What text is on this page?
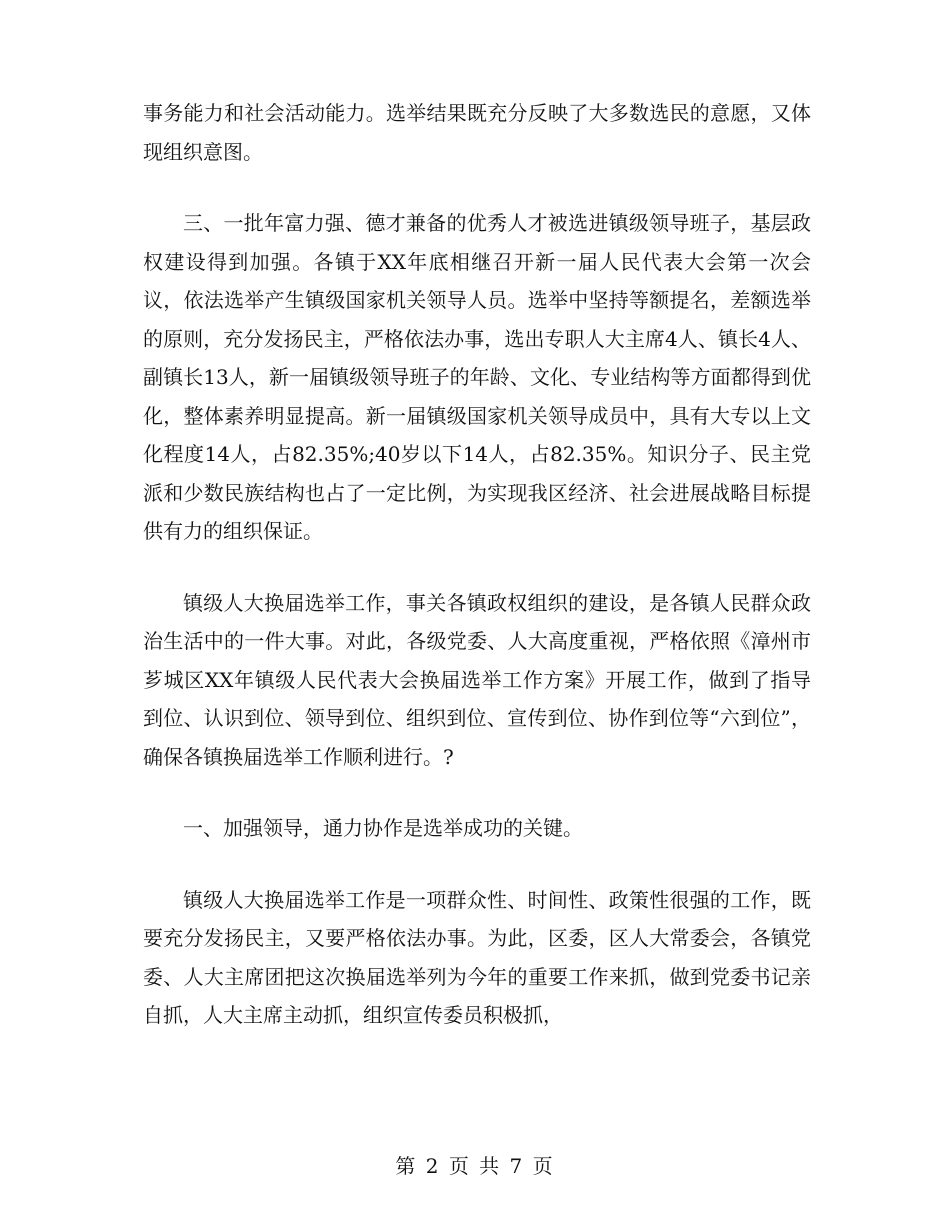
事务能力和社会活动能力。选举结果既充分反映了大多数选民的意愿，又体现组织意图。

三、一批年富力强、德才兼备的优秀人才被选进镇级领导班子，基层政权建设得到加强。各镇于XX年底相继召开新一届人民代表大会第一次会议，依法选举产生镇级国家机关领导人员。选举中坚持等额提名，差额选举的原则，充分发扬民主，严格依法办事，选出专职人大主席4人、镇长4人、副镇长13人，新一届镇级领导班子的年龄、文化、专业结构等方面都得到优化，整体素养明显提高。新一届镇级国家机关领导成员中，具有大专以上文化程度14人，占82.35%;40岁以下14人，占82.35%。知识分子、民主党派和少数民族结构也占了一定比例，为实现我区经济、社会进展战略目标提供有力的组织保证。

镇级人大换届选举工作，事关各镇政权组织的建设，是各镇人民群众政治生活中的一件大事。对此，各级党委、人大高度重视，严格依照《漳州市芗城区XX年镇级人民代表大会换届选举工作方案》开展工作，做到了指导到位、认识到位、领导到位、组织到位、宣传到位、协作到位等“六到位”，确保各镇换届选举工作顺利进行。?

一、加强领导，通力协作是选举成功的关键。

镇级人大换届选举工作是一项群众性、时间性、政策性很强的工作，既要充分发扬民主，又要严格依法办事。为此，区委，区人大常委会，各镇党委、人大主席团把这次换届选举列为今年的重要工作来抓，做到党委书记亲自抓，人大主席主动抓，组织宣传委员积极抓，

第 2 页 共 7 页
